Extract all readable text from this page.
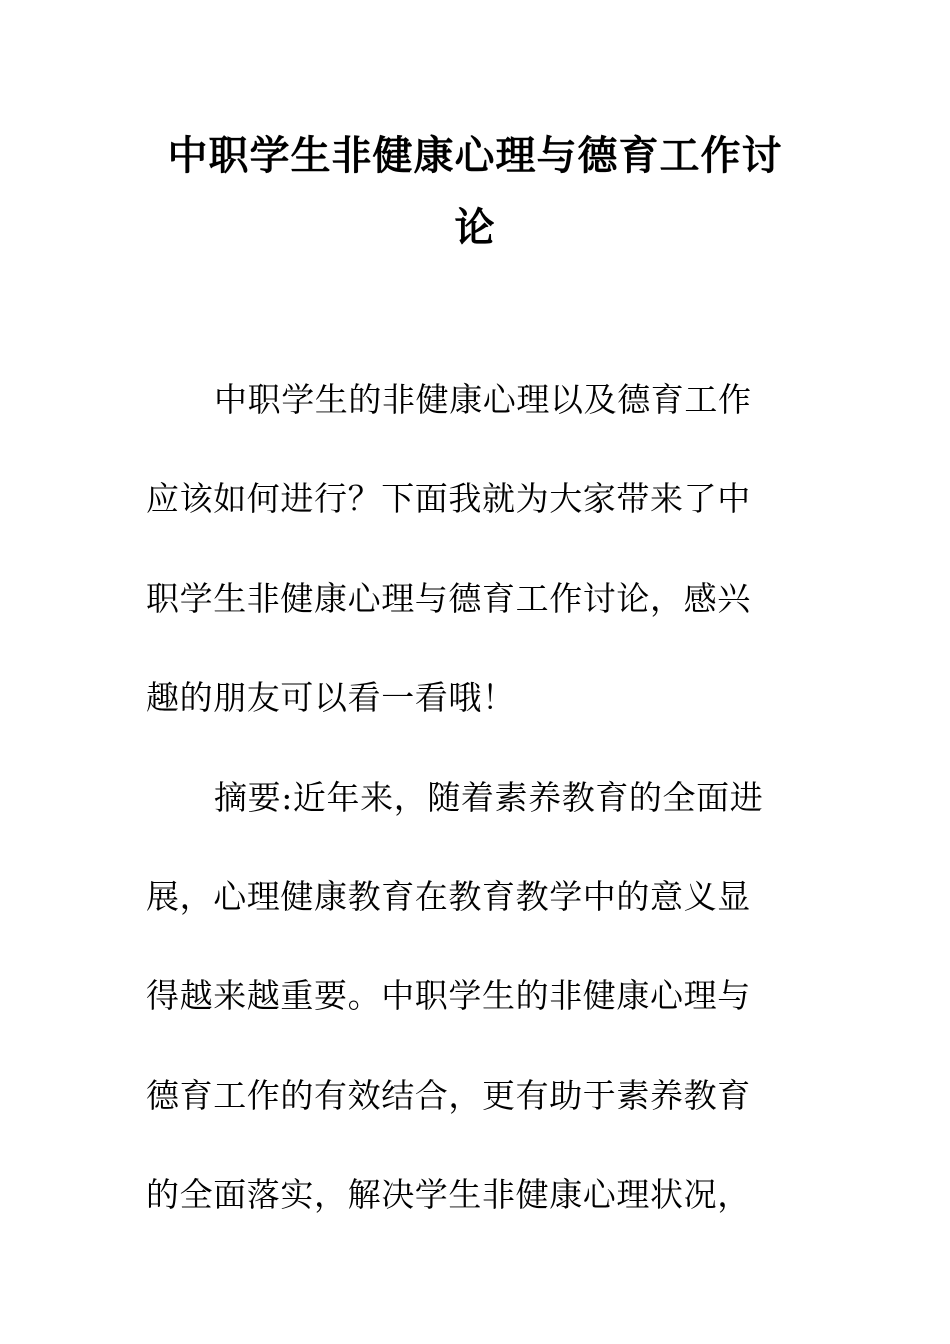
中职学生非健康心理与德育工作讨
论
中职学生的非健康心理以及德育工作
应该如何进行？下面我就为大家带来了中
职学生非健康心理与德育工作讨论，感兴
趣的朋友可以看一看哦！
摘要:近年来，随着素养教育的全面进
展，心理健康教育在教育教学中的意义显
得越来越重要。中职学生的非健康心理与
德育工作的有效结合，更有助于素养教育
的全面落实，解决学生非健康心理状况，
